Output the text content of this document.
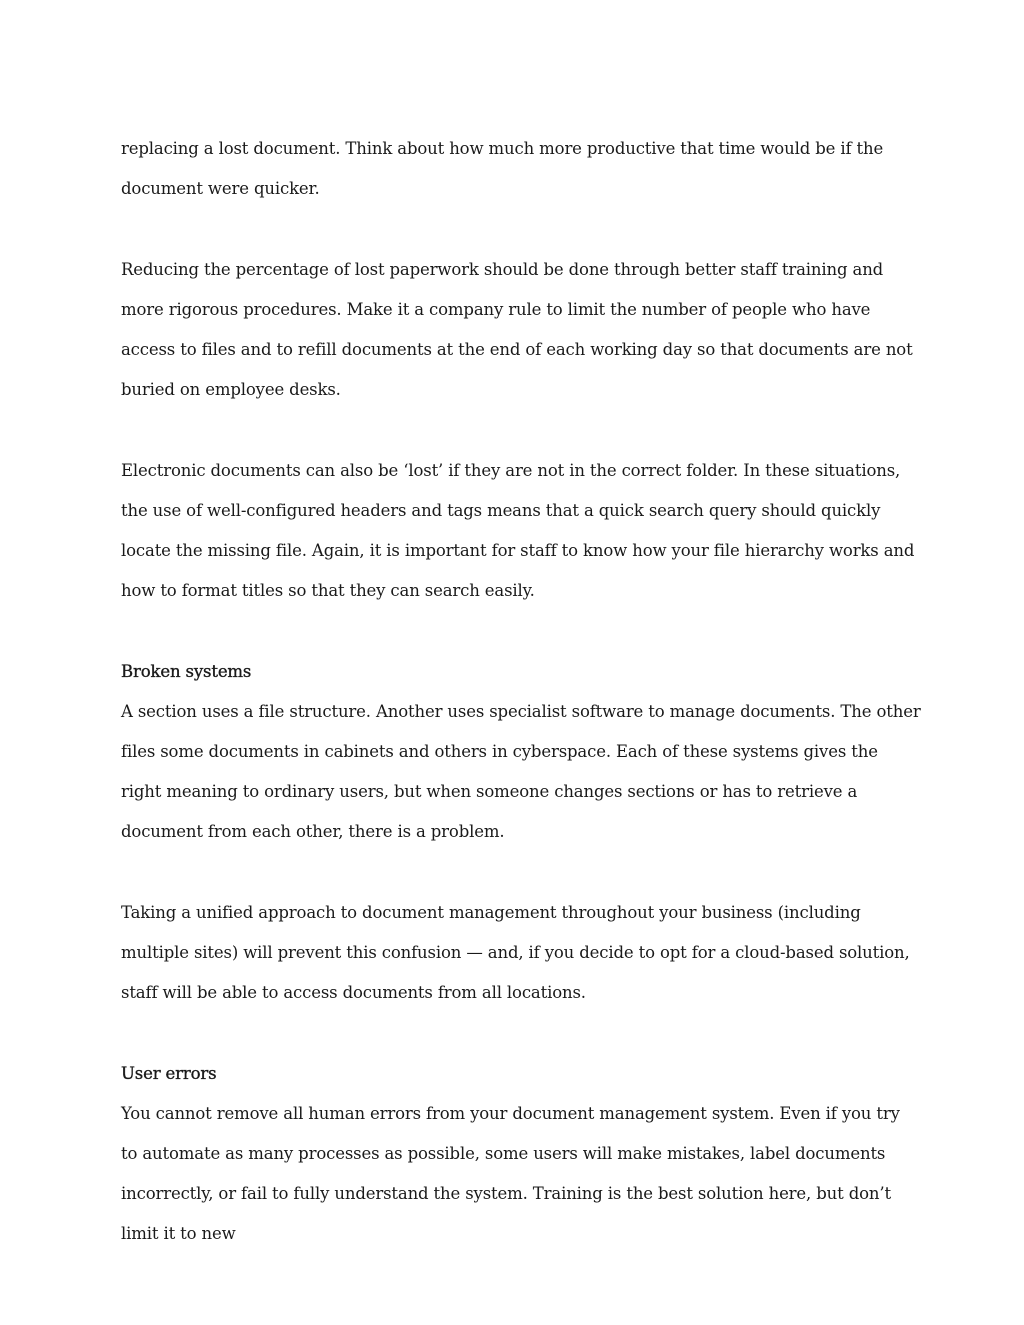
replacing a lost document. Think about how much more productive that time would be if the document were quicker.

Reducing the percentage of lost paperwork should be done through better staff training and more rigorous procedures. Make it a company rule to limit the number of people who have access to files and to refill documents at the end of each working day so that documents are not buried on employee desks.

Electronic documents can also be ‘lost’ if they are not in the correct folder. In these situations, the use of well-configured headers and tags means that a quick search query should quickly locate the missing file. Again, it is important for staff to know how your file hierarchy works and how to format titles so that they can search easily.

Broken systems

A section uses a file structure. Another uses specialist software to manage documents. The other files some documents in cabinets and others in cyberspace. Each of these systems gives the right meaning to ordinary users, but when someone changes sections or has to retrieve a document from each other, there is a problem.

Taking a unified approach to document management throughout your business (including multiple sites) will prevent this confusion — and, if you decide to opt for a cloud-based solution, staff will be able to access documents from all locations.

User errors

You cannot remove all human errors from your document management system. Even if you try to automate as many processes as possible, some users will make mistakes, label documents incorrectly, or fail to fully understand the system. Training is the best solution here, but don’t limit it to new
